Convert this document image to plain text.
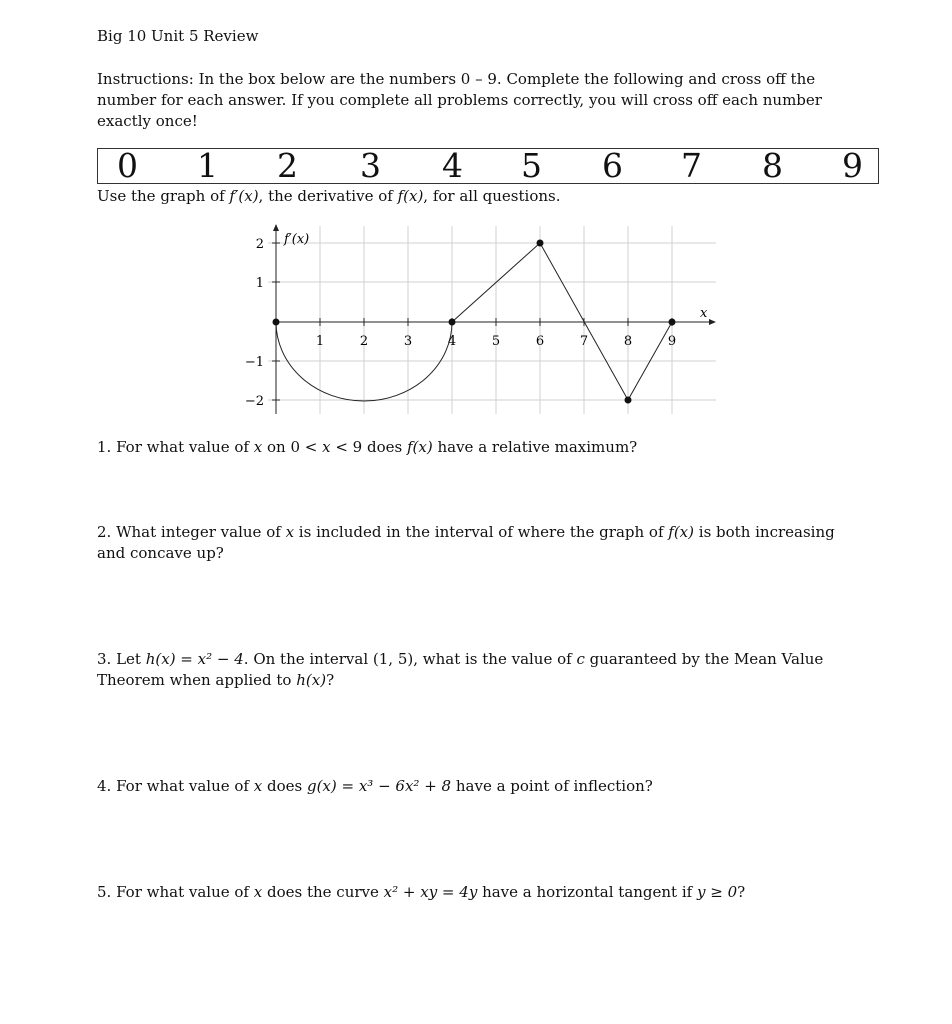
Big 10 Unit 5 Review
Instructions: In the box below are the numbers 0 – 9. Complete the following and cross off the number for each answer. If you complete all problems correctly, you will cross off each number exactly once!
0 1 2 3 4 5 6 7 8 9
Use the graph of f′(x), the derivative of f(x), for all questions.
f′(x)
x
1	2	3	4	5	6	7	8	9
2
1
−1
−2
1. For what value of x on 0 < x < 9 does f(x) have a relative maximum?
2. What integer value of x is included in the interval of where the graph of f(x) is both increasing and concave up?
3. Let h(x) = x² − 4. On the interval (1, 5), what is the value of c guaranteed by the Mean Value Theorem when applied to h(x)?
4. For what value of x does g(x) = x³ − 6x² + 8 have a point of inflection?
5. For what value of x does the curve x² + xy = 4y have a horizontal tangent if y ≥ 0?
